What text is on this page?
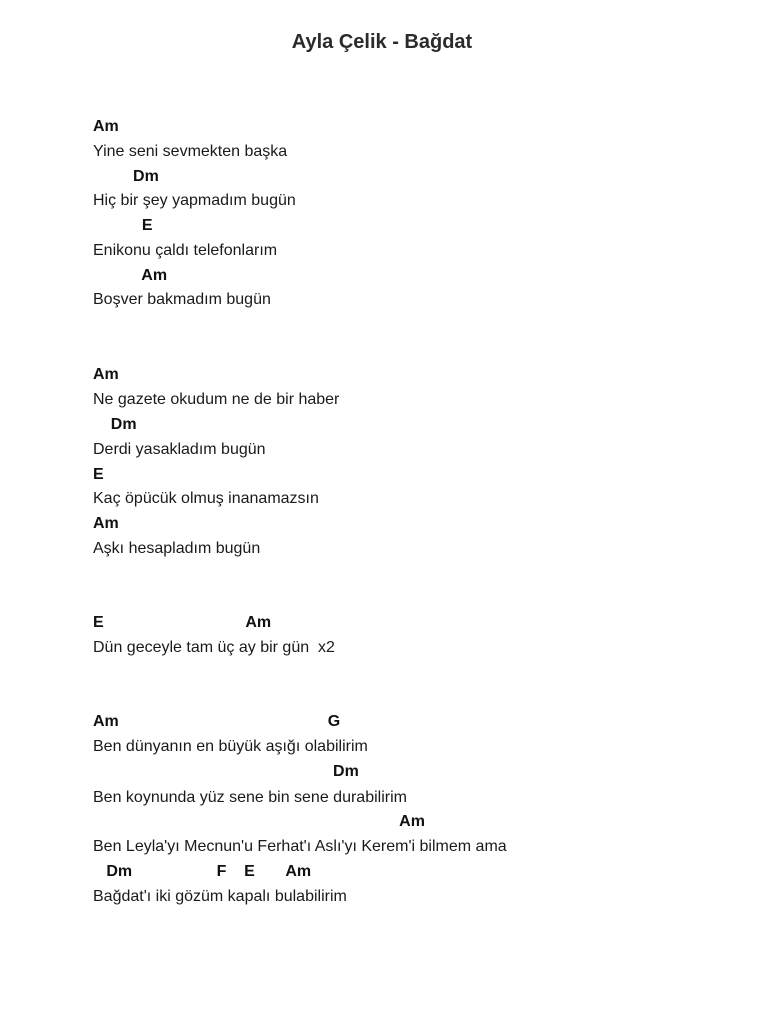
Ayla Çelik - Bağdat
Am
Yine seni sevmekten başka
Dm
Hiç bir şey yapmadım bugün
E
Enikonu çaldı telefonlarım
Am
Boşver bakmadım bugün
Am
Ne gazete okudum ne de bir haber
Dm
Derdi yasakladım bugün
E
Kaç öpücük olmuş inanamazsın
Am
Aşkı hesapladım bugün
E                                Am
Dün geceyle tam üç ay bir gün  x2
Am                                               G
Ben dünyanın en büyük aşığı olabilirim
Dm
Ben koynunda yüz sene bin sene durabilirim
Am
Ben Leyla'yı Mecnun'u Ferhat'ı Aslı'yı Kerem'i bilmem ama
Dm                   F    E       Am
Bağdat'ı iki gözüm kapalı bulabilirim
